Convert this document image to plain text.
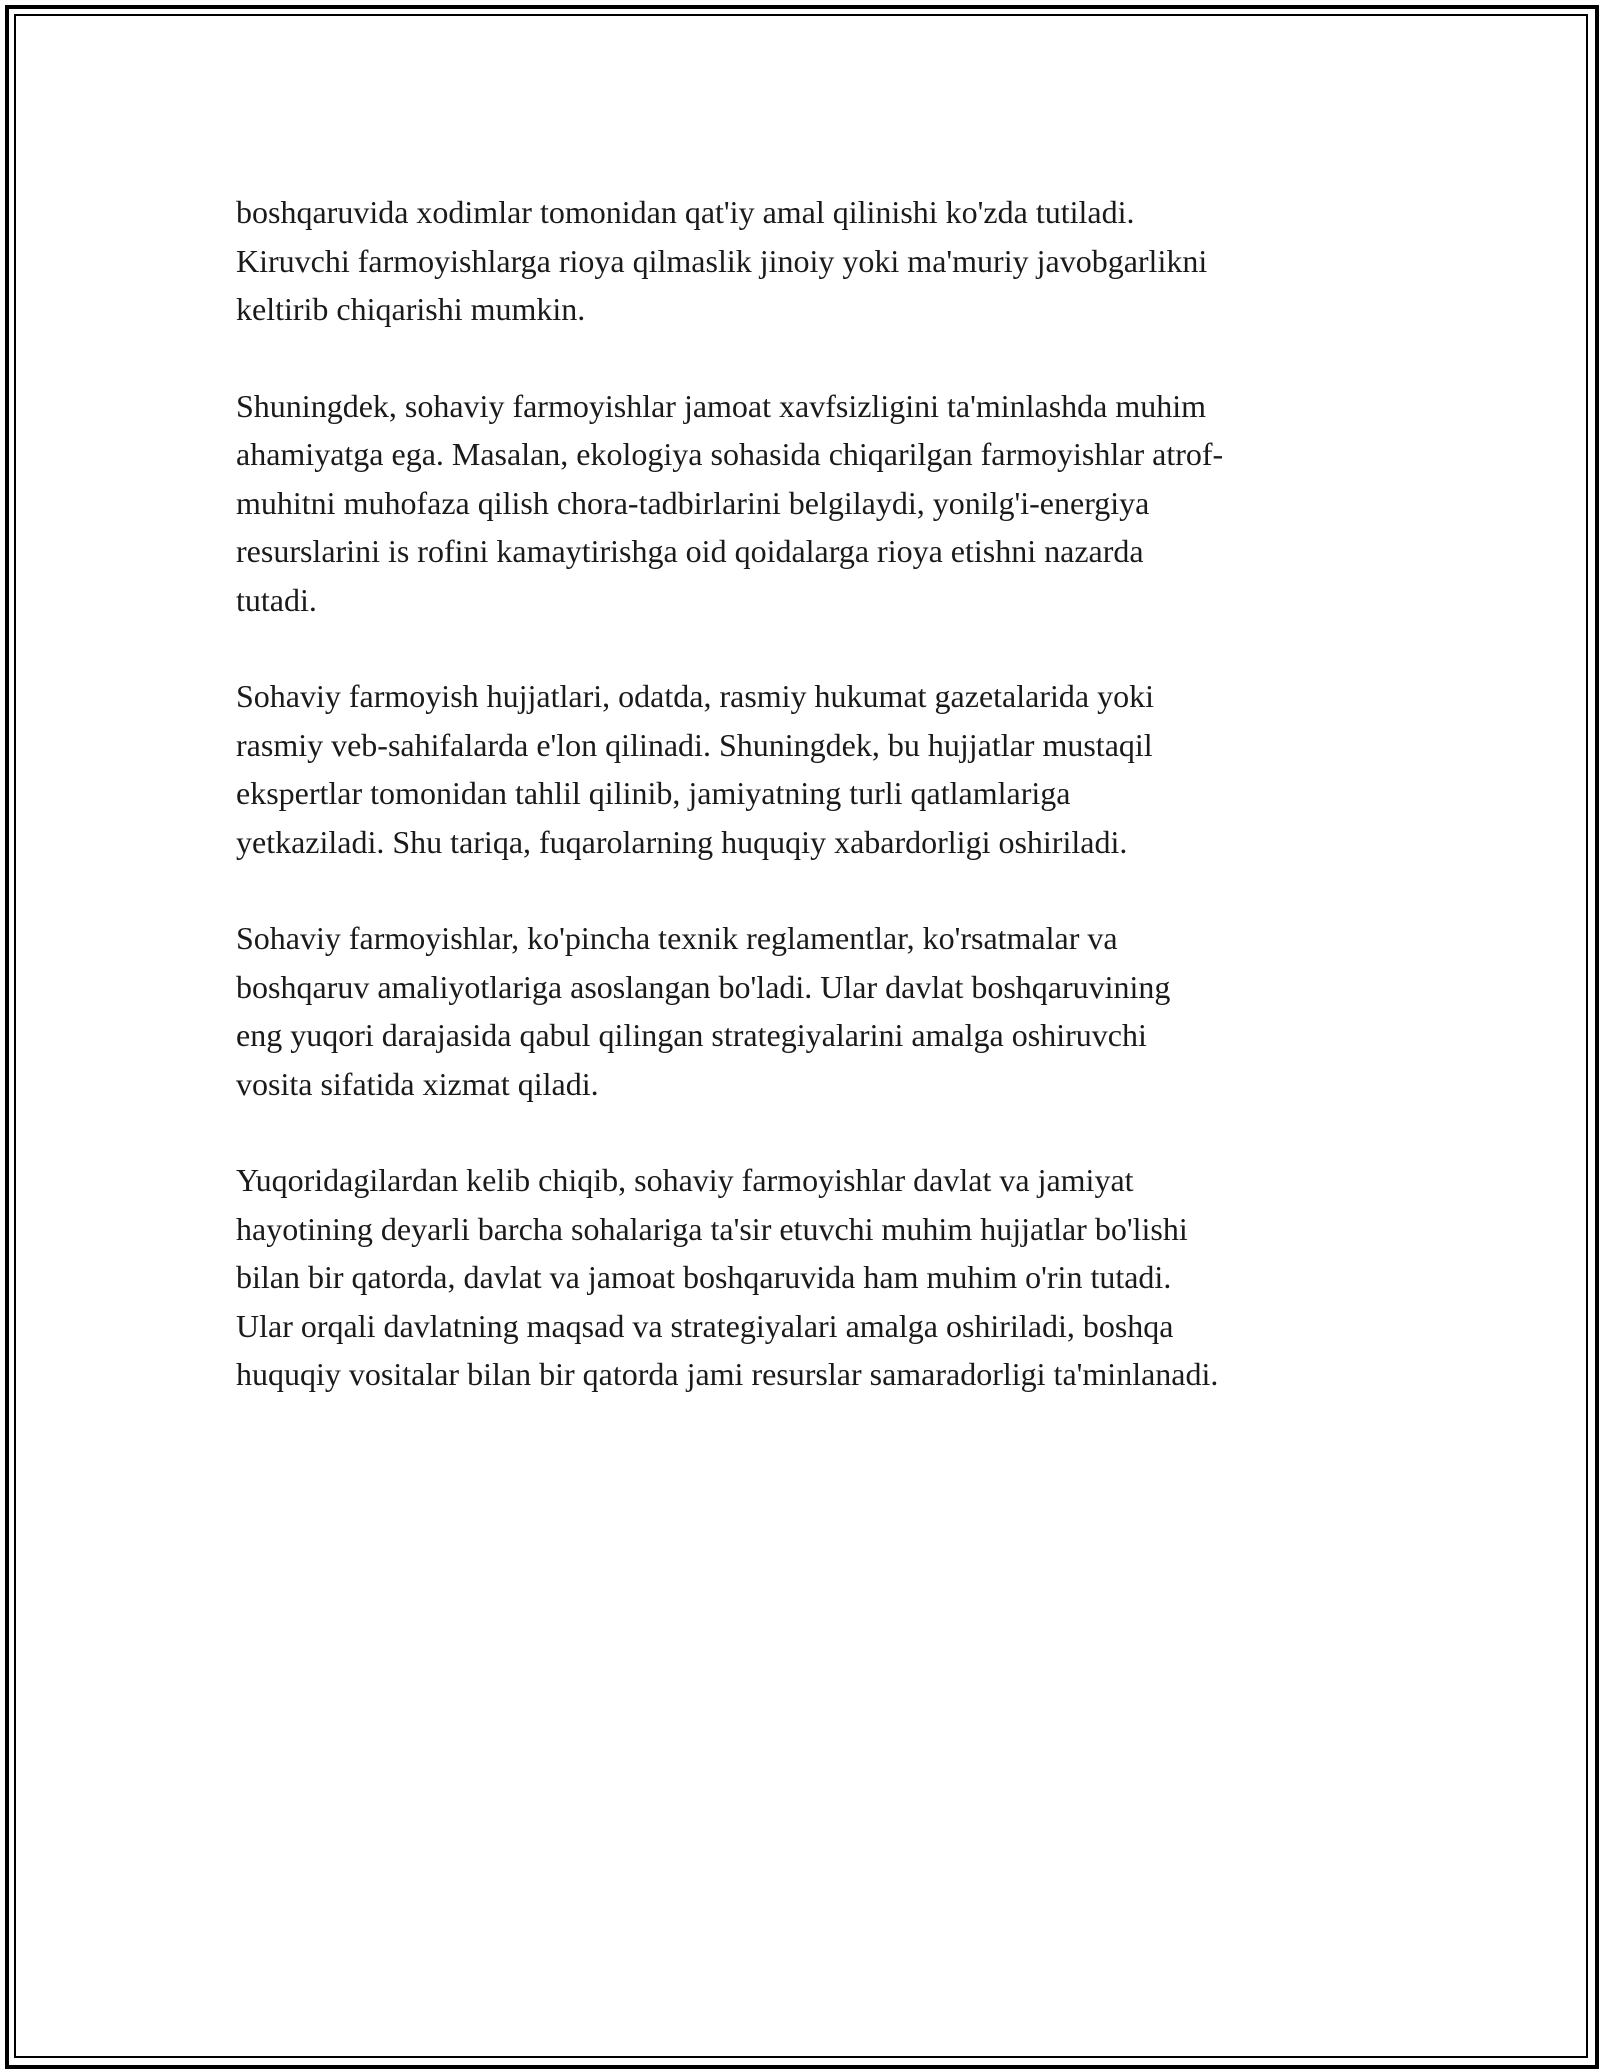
boshqaruvida xodimlar tomonidan qat'iy amal qilinishi ko'zda tutiladi.
Kiruvchi farmoyishlarga rioya qilmaslik jinoiy yoki ma'muriy javobgarlikni
keltirib chiqarishi mumkin.

Shuningdek, sohaviy farmoyishlar jamoat xavfsizligini ta'minlashda muhim
ahamiyatga ega. Masalan, ekologiya sohasida chiqarilgan farmoyishlar atrof-
muhitni muhofaza qilish chora-tadbirlarini belgilaydi, yonilg'i-energiya
resurslarini is rofini kamaytirishga oid qoidalarga rioya etishni nazarda
tutadi.

Sohaviy farmoyish hujjatlari, odatda, rasmiy hukumat gazetalarida yoki
rasmiy veb-sahifalarda e'lon qilinadi. Shuningdek, bu hujjatlar mustaqil
ekspertlar tomonidan tahlil qilinib, jamiyatning turli qatlamlariga
yetkaziladi. Shu tariqa, fuqarolarning huquqiy xabardorligi oshiriladi.

Sohaviy farmoyishlar, ko'pincha texnik reglamentlar, ko'rsatmalar va
boshqaruv amaliyotlariga asoslangan bo'ladi. Ular davlat boshqaruvining
eng yuqori darajasida qabul qilingan strategiyalarini amalga oshiruvchi
vosita sifatida xizmat qiladi.

Yuqoridagilardan kelib chiqib, sohaviy farmoyishlar davlat va jamiyat
hayotining deyarli barcha sohalariga ta'sir etuvchi muhim hujjatlar bo'lishi
bilan bir qatorda, davlat va jamoat boshqaruvida ham muhim o'rin tutadi.
Ular orqali davlatning maqsad va strategiyalari amalga oshiriladi, boshqa
huquqiy vositalar bilan bir qatorda jami resurslar samaradorligi ta'minlanadi.
